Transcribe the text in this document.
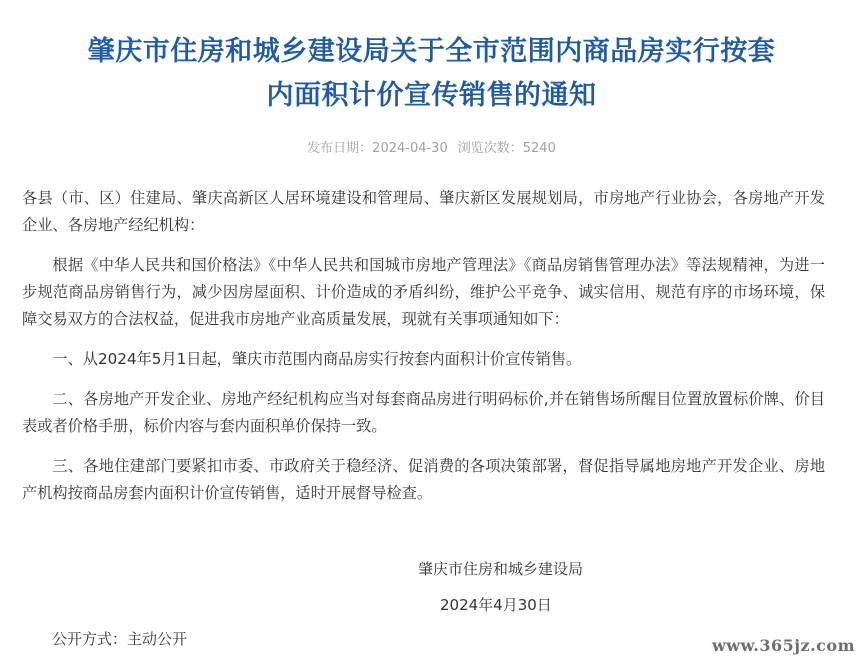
肇庆市住房和城乡建设局关于全市范围内商品房实行按套
内面积计价宣传销售的通知
发布日期：2024-04-30 浏览次数：5240

各县（市、区）住建局、肇庆高新区人居环境建设和管理局、肇庆新区发展规划局，市房地产行业协会，各房地产开发企业、各房地产经纪机构：

根据《中华人民共和国价格法》《中华人民共和国城市房地产管理法》《商品房销售管理办法》等法规精神，为进一步规范商品房销售行为，减少因房屋面积、计价造成的矛盾纠纷，维护公平竞争、诚实信用、规范有序的市场环境，保障交易双方的合法权益，促进我市房地产业高质量发展，现就有关事项通知如下：

一、从2024年5月1日起，肇庆市范围内商品房实行按套内面积计价宣传销售。

二、各房地产开发企业、房地产经纪机构应当对每套商品房进行明码标价,并在销售场所醒目位置放置标价牌、价目表或者价格手册，标价内容与套内面积单价保持一致。

三、各地住建部门要紧扣市委、市政府关于稳经济、促消费的各项决策部署，督促指导属地房地产开发企业、房地产机构按商品房套内面积计价宣传销售，适时开展督导检查。

肇庆市住房和城乡建设局
2024年4月30日
公开方式：主动公开	www.365jz.com
